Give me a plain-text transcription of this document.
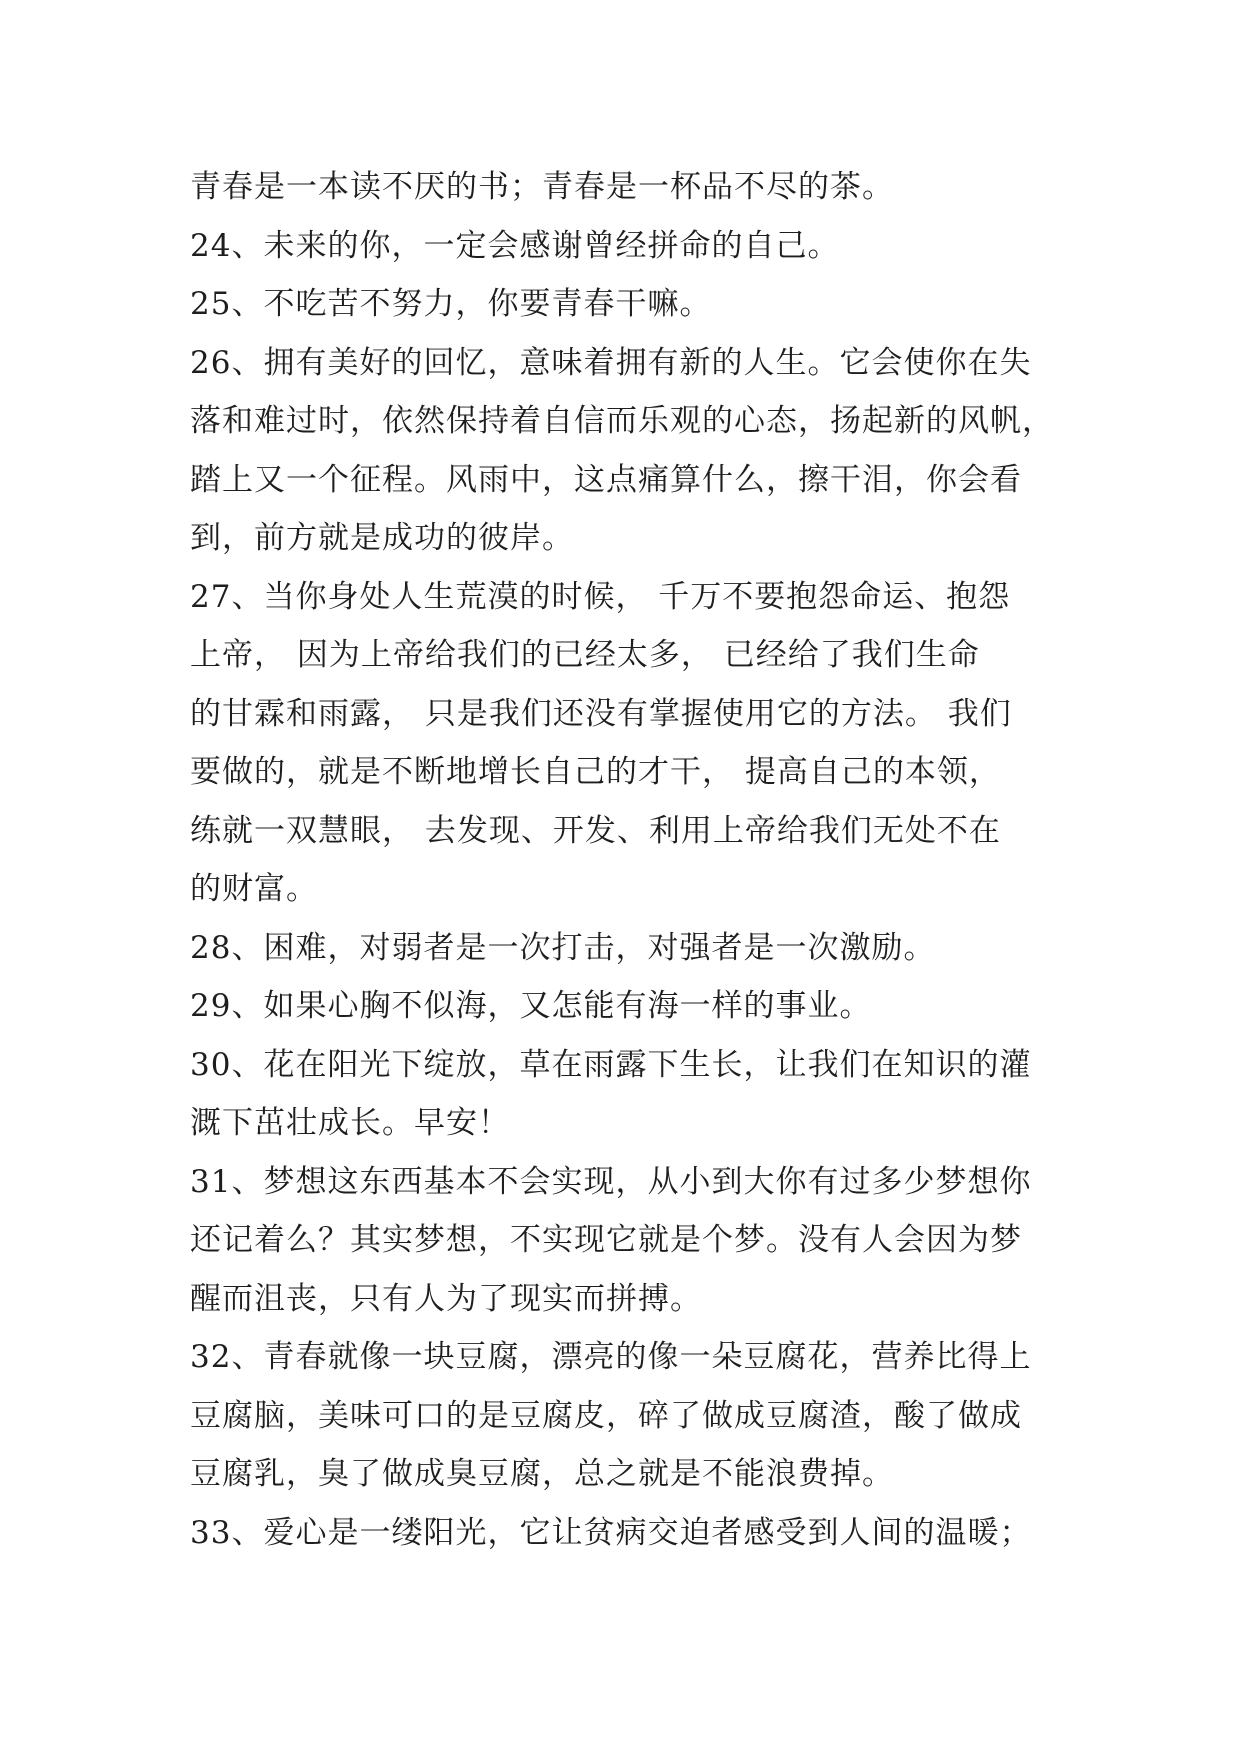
青春是一本读不厌的书；青春是一杯品不尽的茶。
24、未来的你，一定会感谢曾经拼命的自己。
25、不吃苦不努力，你要青春干嘛。
26、拥有美好的回忆，意味着拥有新的人生。它会使你在失
落和难过时，依然保持着自信而乐观的心态，扬起新的风帆，
踏上又一个征程。风雨中，这点痛算什么，擦干泪，你会看
到，前方就是成功的彼岸。
27、当你身处人生荒漠的时候， 千万不要抱怨命运、抱怨
上帝， 因为上帝给我们的已经太多， 已经给了我们生命
的甘霖和雨露， 只是我们还没有掌握使用它的方法。 我们
要做的，就是不断地增长自己的才干， 提高自己的本领，
练就一双慧眼， 去发现、开发、利用上帝给我们无处不在
的财富。
28、困难，对弱者是一次打击，对强者是一次激励。
29、如果心胸不似海，又怎能有海一样的事业。
30、花在阳光下绽放，草在雨露下生长，让我们在知识的灌
溉下茁壮成长。早安！
31、梦想这东西基本不会实现，从小到大你有过多少梦想你
还记着么？其实梦想，不实现它就是个梦。没有人会因为梦
醒而沮丧，只有人为了现实而拼搏。
32、青春就像一块豆腐，漂亮的像一朵豆腐花，营养比得上
豆腐脑，美味可口的是豆腐皮，碎了做成豆腐渣，酸了做成
豆腐乳，臭了做成臭豆腐，总之就是不能浪费掉。
33、爱心是一缕阳光，它让贫病交迫者感受到人间的温暖；
